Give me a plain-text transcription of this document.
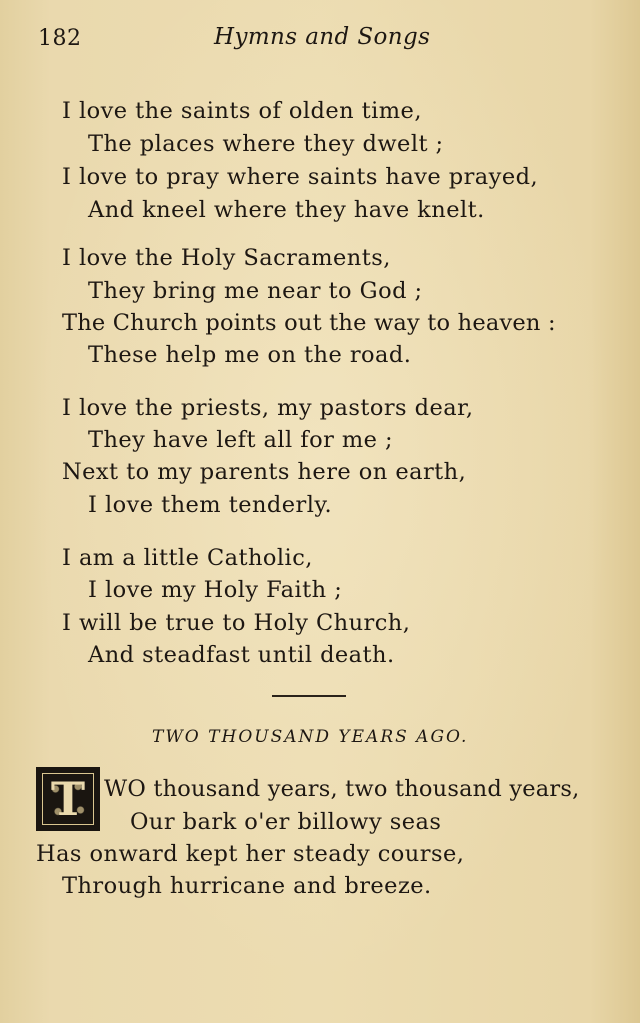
182	Hymns and Songs
I love the saints of olden time,
The places where they dwelt ;
I love to pray where saints have prayed,
And kneel where they have knelt.
I love the Holy Sacraments,
They bring me near to God ;
The Church points out the way to heaven :
These help me on the road.
I love the priests, my pastors dear,
They have left all for me ;
Next to my parents here on earth,
I love them tenderly.
I am a little Catholic,
I love my Holy Faith ;
I will be true to Holy Church,
And steadfast until death.
TWO THOUSAND YEARS AGO.
T WO thousand years, two thousand years,
Our bark o'er billowy seas
Has onward kept her steady course,
Through hurricane and breeze.
